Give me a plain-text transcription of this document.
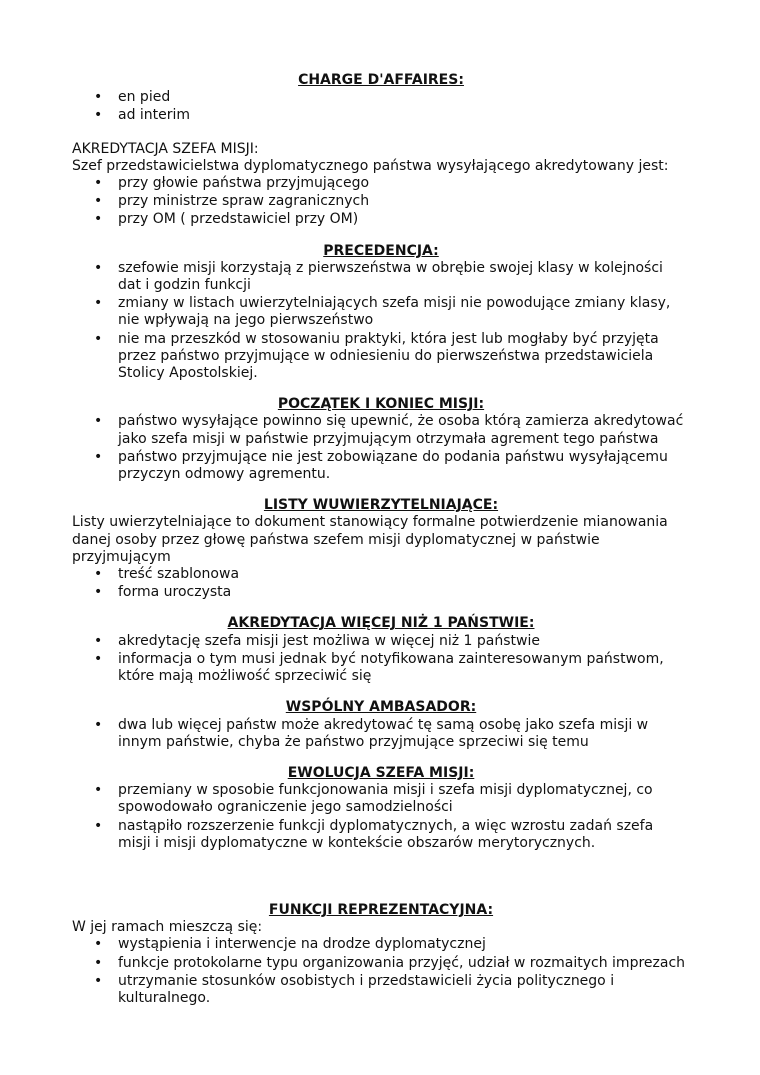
CHARGE D'AFFAIRES:
• en pied
• ad interim

AKREDYTACJA SZEFA MISJI:

Szef przedstawicielstwa dyplomatycznego państwa wysyłającego akredytowany jest:

• przy głowie państwa przyjmującego
• przy ministrze spraw zagranicznych
• przy OM ( przedstawiciel przy OM)
PRECEDENCJA:
• szefowie misji korzystają z pierwszeństwa w obrębie swojej klasy w kolejności dat i godzin funkcji
• zmiany w listach uwierzytelniających szefa misji nie powodujące zmiany klasy, nie wpływają na jego pierwszeństwo
• nie ma przeszkód w stosowaniu praktyki, która jest lub mogłaby być przyjęta przez państwo przyjmujące w odniesieniu do pierwszeństwa przedstawiciela Stolicy Apostolskiej.
POCZĄTEK I KONIEC MISJI:
• państwo wysyłające powinno się upewnić, że osoba którą zamierza akredytować jako szefa misji w państwie przyjmującym otrzymała agrement tego państwa
• państwo przyjmujące nie jest zobowiązane do podania państwu wysyłającemu przyczyn odmowy agrementu.
LISTY WUWIERZYTELNIAJĄCE:

Listy uwierzytelniające to dokument stanowiący formalne potwierdzenie mianowania danej osoby przez głowę państwa szefem misji dyplomatycznej w państwie przyjmującym

• treść szablonowa
• forma uroczysta
AKREDYTACJA WIĘCEJ NIŻ 1 PAŃSTWIE:
• akredytację szefa misji jest możliwa w więcej niż 1 państwie
• informacja o tym musi jednak być notyfikowana zainteresowanym państwom, które mają możliwość sprzeciwić się
WSPÓLNY AMBASADOR:
• dwa lub więcej państw może akredytować tę samą osobę jako szefa misji w innym państwie, chyba że państwo przyjmujące sprzeciwi się temu
EWOLUCJA SZEFA MISJI:
• przemiany w sposobie funkcjonowania misji i szefa misji dyplomatycznej, co spowodowało ograniczenie jego samodzielności
• nastąpiło rozszerzenie funkcji dyplomatycznych, a więc wzrostu zadań szefa misji i misji dyplomatyczne w kontekście obszarów merytorycznych.
FUNKCJI REPREZENTACYJNA:

W jej ramach mieszczą się:

• wystąpienia i interwencje na drodze dyplomatycznej
• funkcje protokolarne typu organizowania przyjęć, udział w rozmaitych imprezach
• utrzymanie stosunków osobistych i przedstawicieli życia politycznego i kulturalnego.
